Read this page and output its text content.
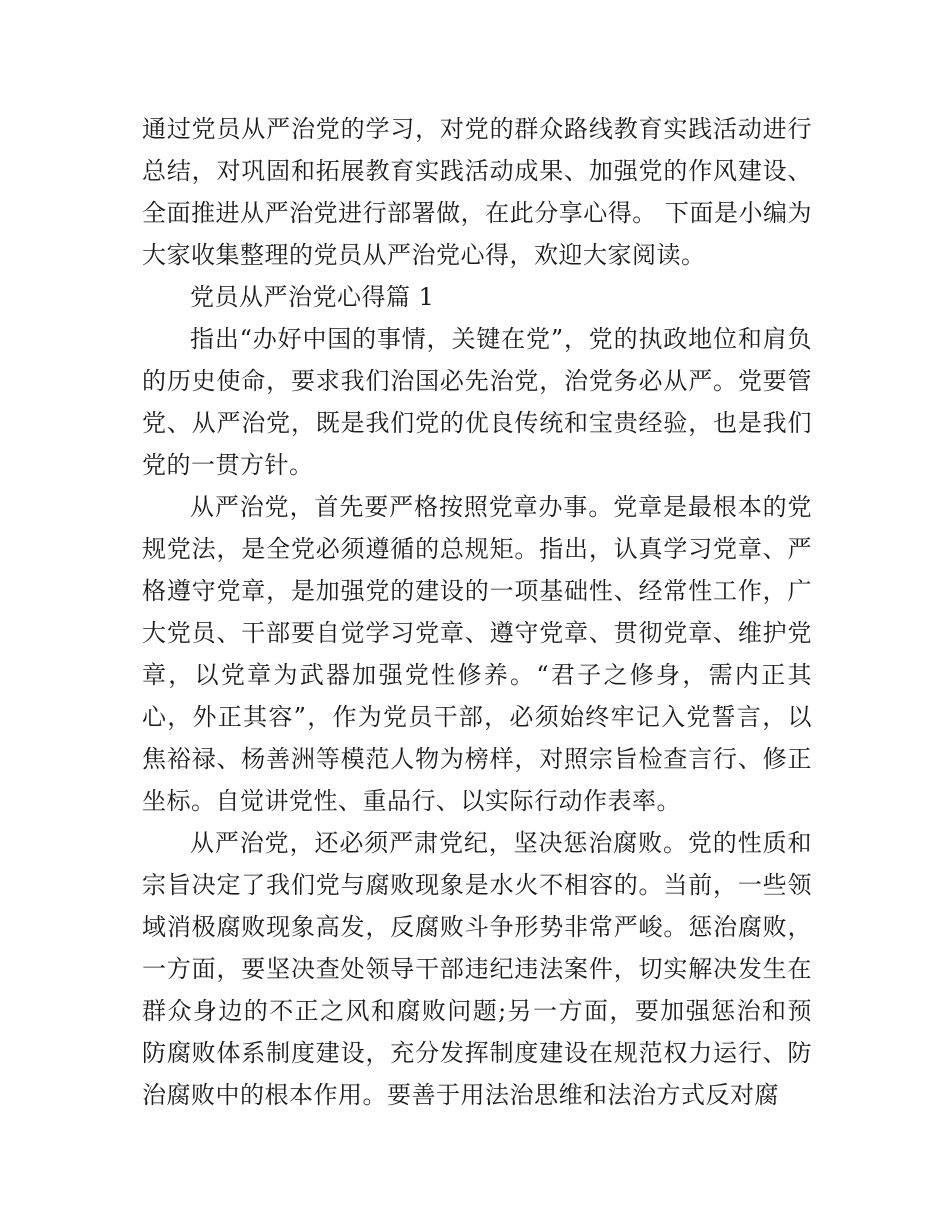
通过党员从严治党的学习，对党的群众路线教育实践活动进行总结，对巩固和拓展教育实践活动成果、加强党的作风建设、全面推进从严治党进行部署做，在此分享心得。 下面是小编为大家收集整理的党员从严治党心得，欢迎大家阅读。

党员从严治党心得篇 1

指出“办好中国的事情，关键在党”，党的执政地位和肩负的历史使命，要求我们治国必先治党，治党务必从严。党要管党、从严治党，既是我们党的优良传统和宝贵经验，也是我们党的一贯方针。

从严治党，首先要严格按照党章办事。党章是最根本的党规党法，是全党必须遵循的总规矩。指出，认真学习党章、严格遵守党章，是加强党的建设的一项基础性、经常性工作，广大党员、干部要自觉学习党章、遵守党章、贯彻党章、维护党章，以党章为武器加强党性修养。“君子之修身，需内正其心，外正其容”，作为党员干部，必须始终牢记入党誓言，以焦裕禄、杨善洲等模范人物为榜样，对照宗旨检查言行、修正坐标。自觉讲党性、重品行、以实际行动作表率。

从严治党，还必须严肃党纪，坚决惩治腐败。党的性质和宗旨决定了我们党与腐败现象是水火不相容的。当前，一些领域消极腐败现象高发，反腐败斗争形势非常严峻。惩治腐败，一方面，要坚决查处领导干部违纪违法案件，切实解决发生在群众身边的不正之风和腐败问题;另一方面，要加强惩治和预防腐败体系制度建设，充分发挥制度建设在规范权力运行、防治腐败中的根本作用。要善于用法治思维和法治方式反对腐
